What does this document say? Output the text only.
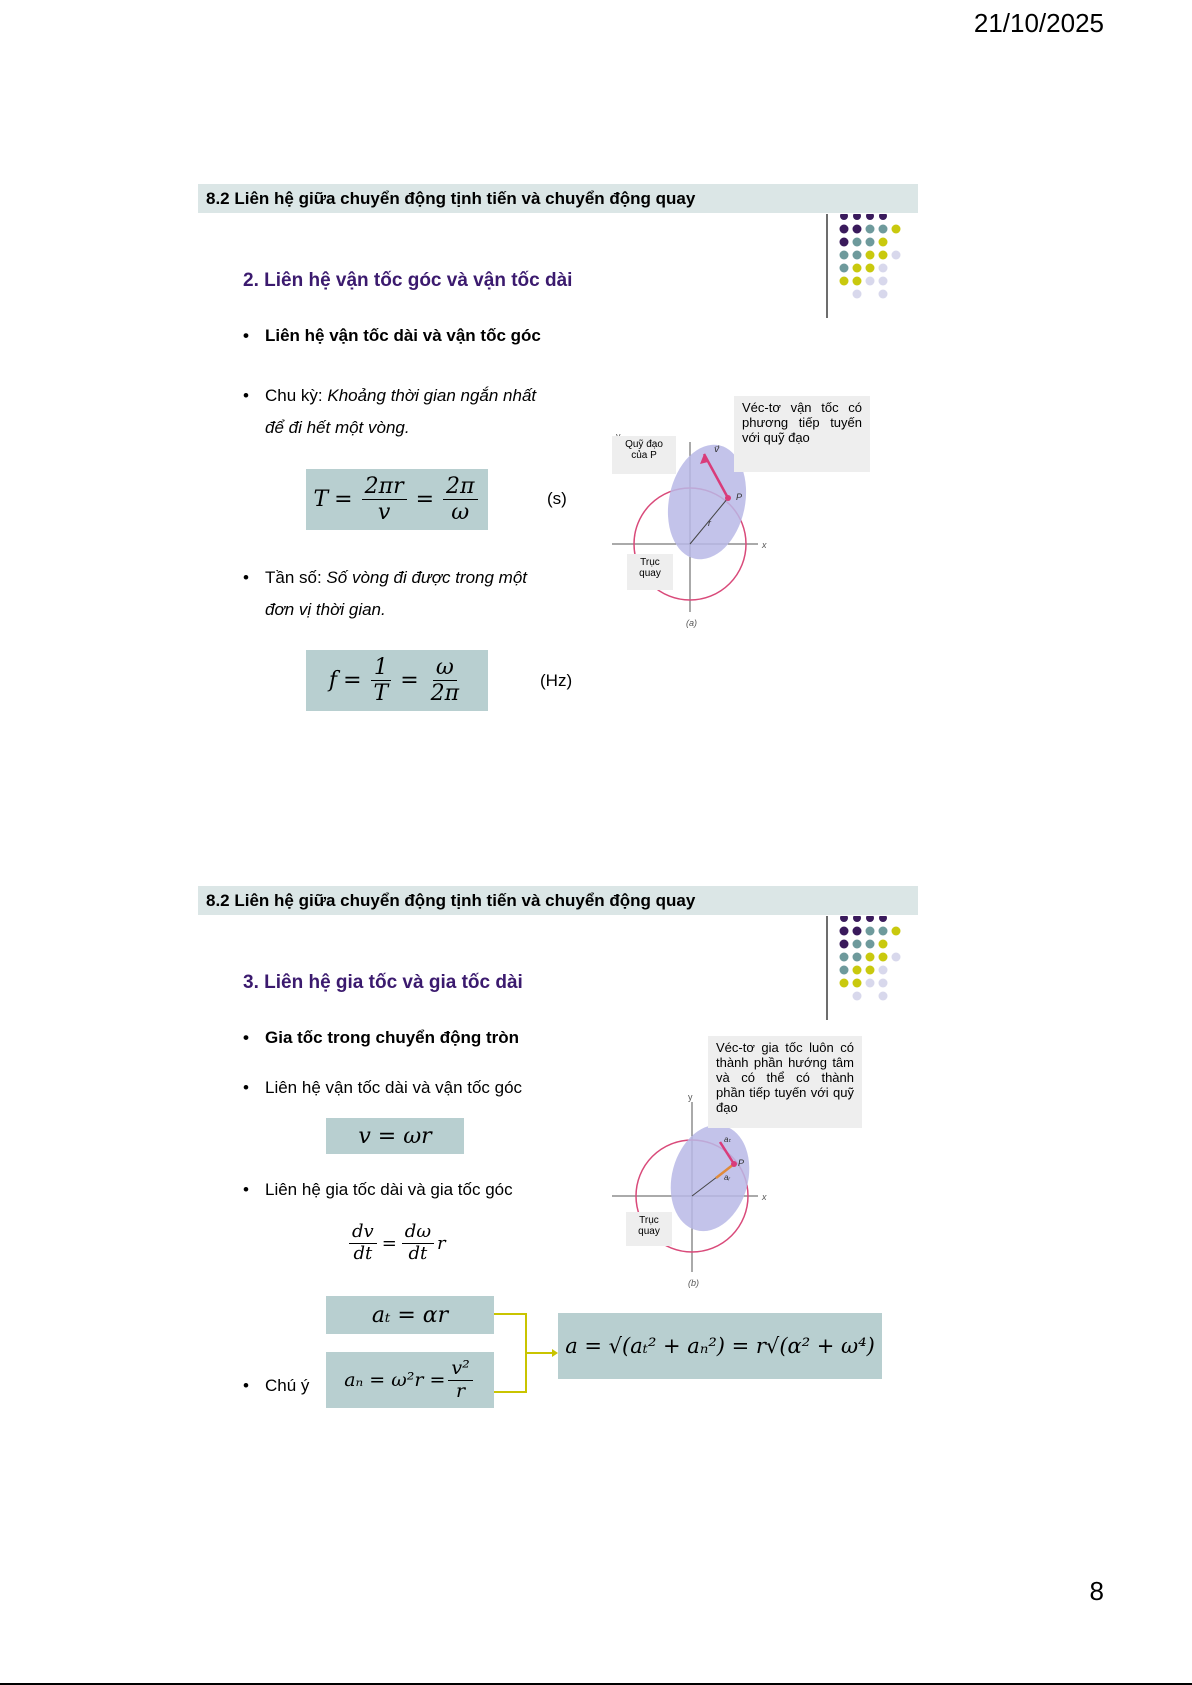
21/10/2025
8.2 Liên hệ giữa chuyển động tịnh tiến và chuyển động quay
2. Liên hệ vận tốc góc và vận tốc dài
• Liên hệ vận tốc dài và vận tốc góc
• Chu kỳ: Khoảng thời gian ngắn nhất
để đi hết một vòng.
$T = \frac{2\pi r}{v} = \frac{2\pi}{\omega}$	(s)
• Tần số: Số vòng đi được trong một
đơn vị thời gian.
$f = \frac{1}{T} = \frac{\omega}{2\pi}$	(Hz)
P
v⃗
r
x
(a)
Quỹ đạo của P
Trục quay
Véc-tơ vận tốc có phương tiếp tuyến với quỹ đạo
8.2 Liên hệ giữa chuyển động tịnh tiến và chuyển động quay
3. Liên hệ gia tốc và gia tốc dài
• Gia tốc trong chuyển động tròn
• Liên hệ vận tốc dài và vận tốc góc
v = ωr
• Liên hệ gia tốc dài và gia tốc góc
$\frac{dv}{dt} = \frac{d\omega}{dt}$ r
aₜ = αr
• Chú ý $a_n = \omega^2r = \frac{\text{v²}}{r}$
a = √(aₜ² + aₙ²) = r√(α² + ω⁴)
y
P
aₜ
aᵣ
x
(b)
Trục quay
Véc-tơ gia tốc luôn có thành phần hướng tâm và có thể có thành phần tiếp tuyến với quỹ đạo
8
